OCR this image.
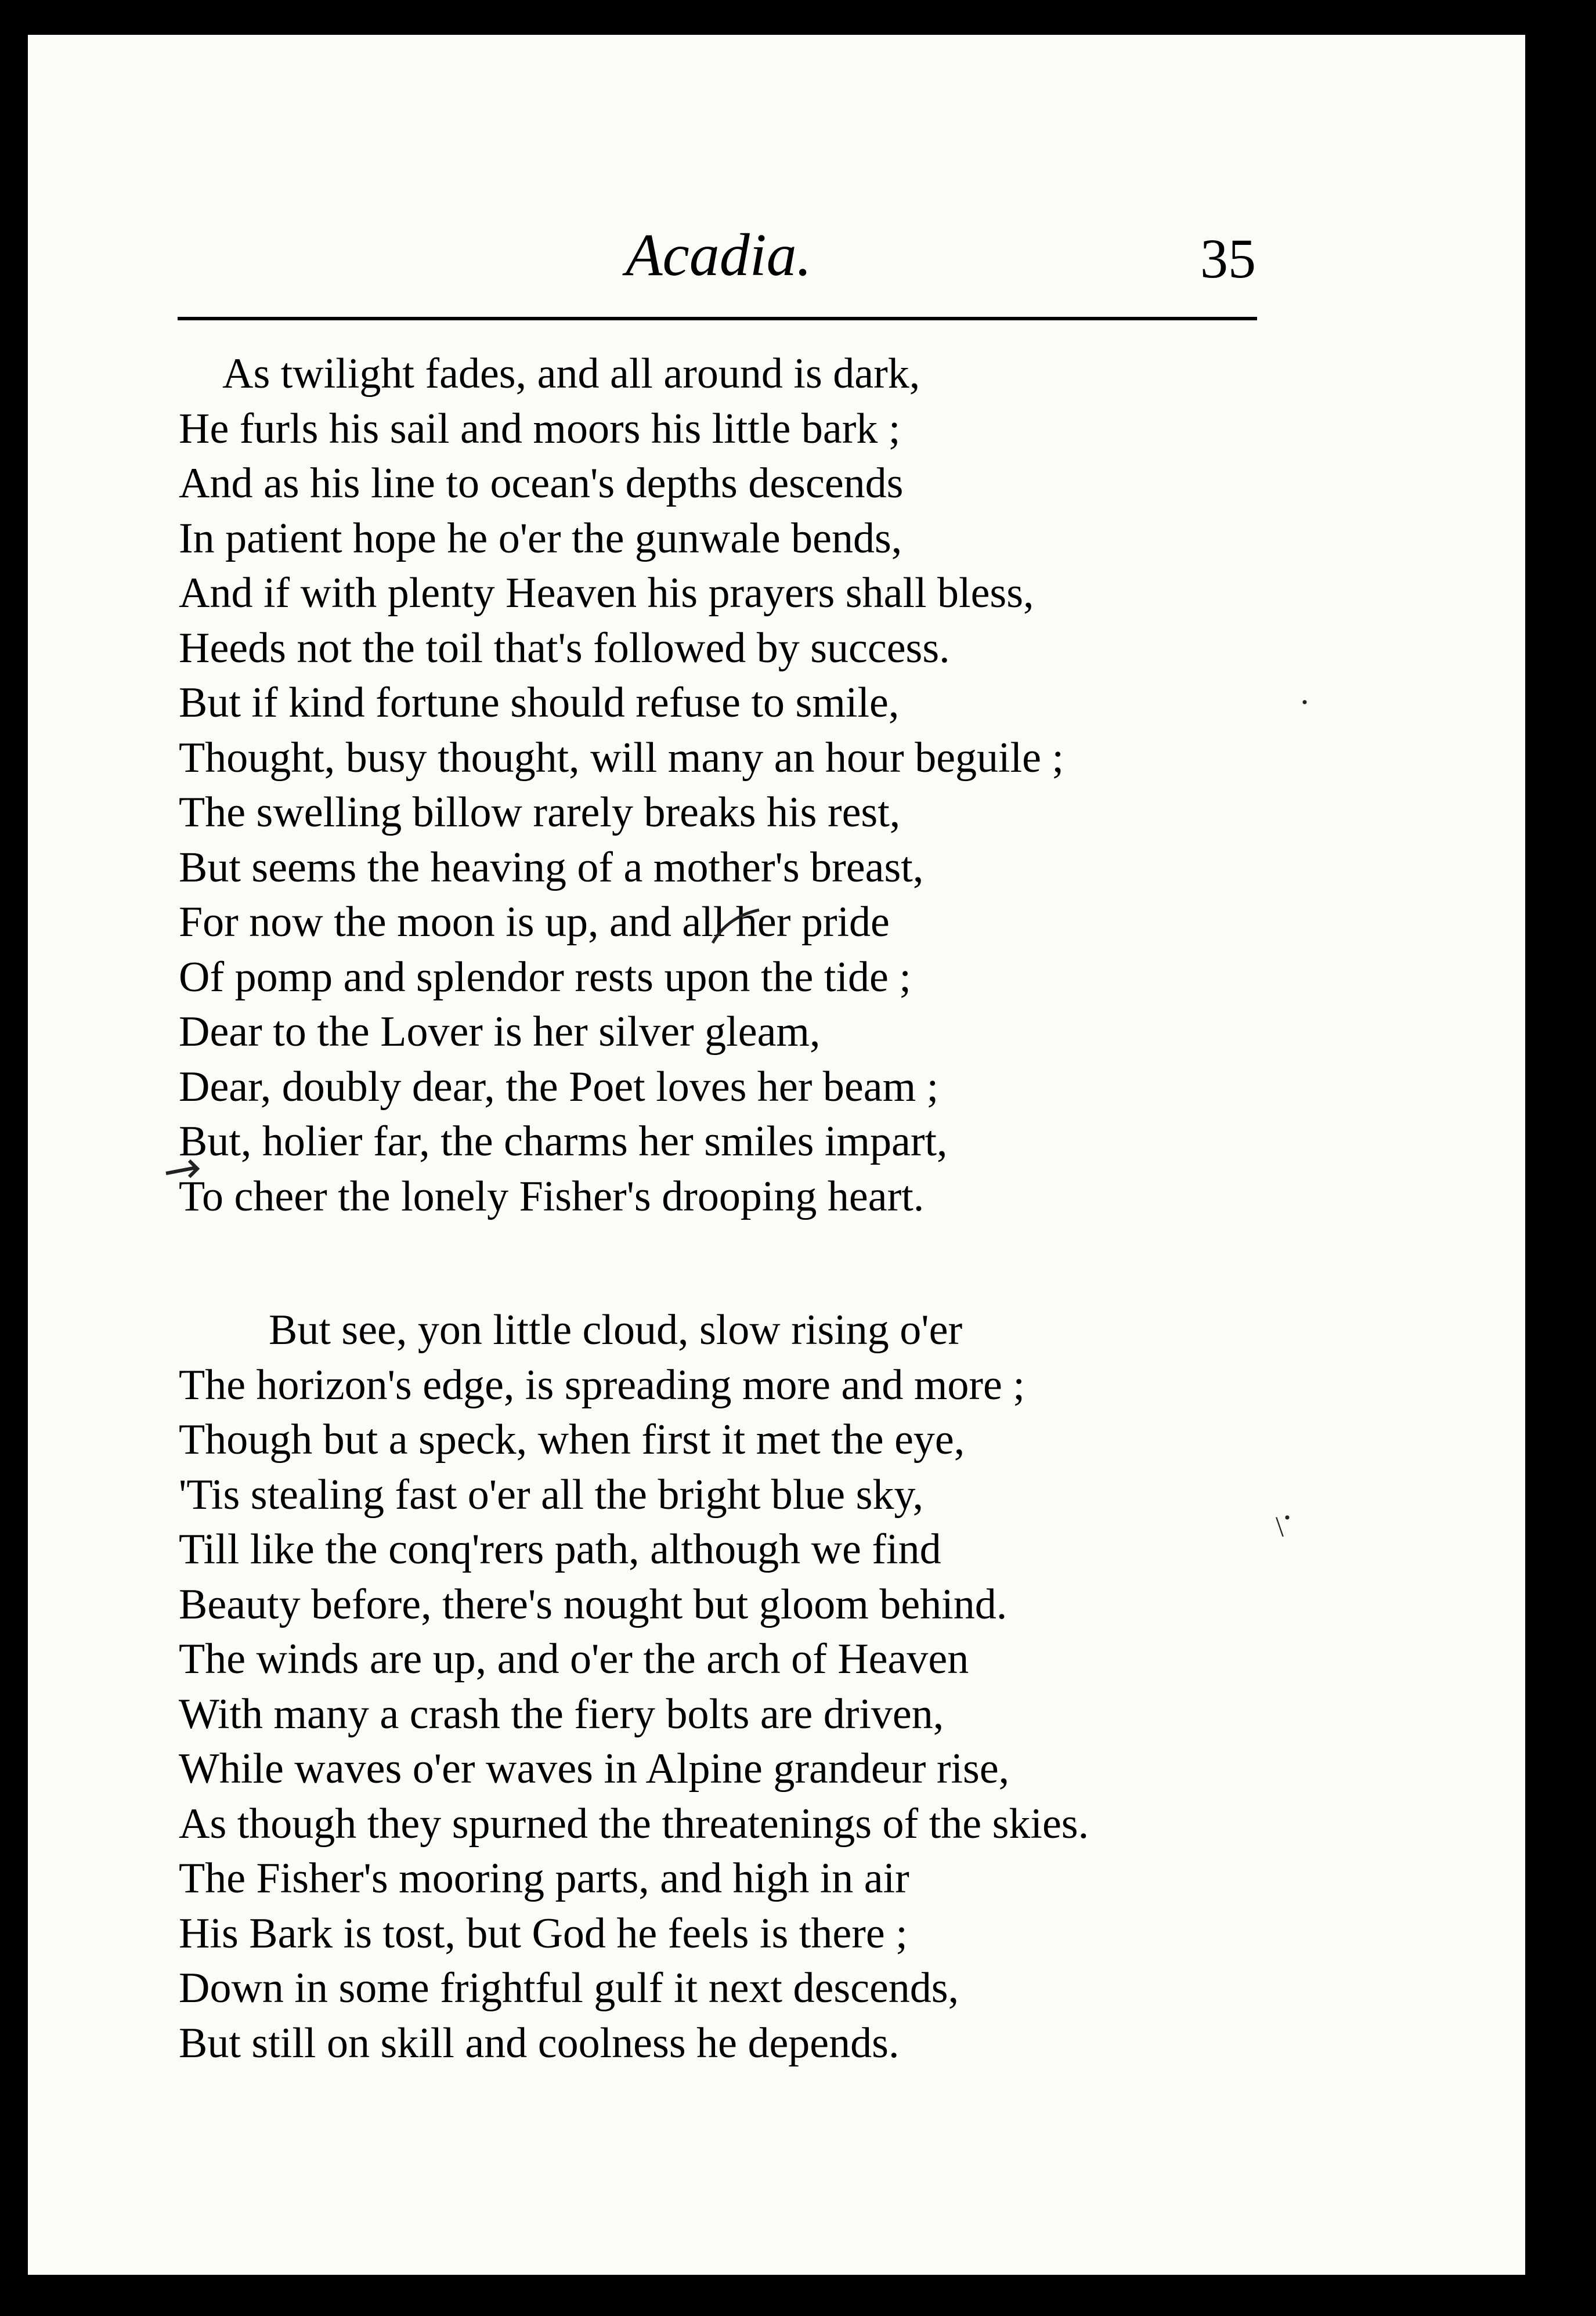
Acadia.	35
As twilight fades, and all around is dark,
He furls his sail and moors his little bark ;
And as his line to ocean's depths descends
In patient hope he o'er the gunwale bends,
And if with plenty Heaven his prayers shall bless,
Heeds not the toil that's followed by success.
But if kind fortune should refuse to smile,
Thought, busy thought, will many an hour beguile ;
The swelling billow rarely breaks his rest,
But seems the heaving of a mother's breast,
For now the moon is up, and all her pride
Of pomp and splendor rests upon the tide ;
Dear to the Lover is her silver gleam,
Dear, doubly dear, the Poet loves her beam ;
But, holier far, the charms her smiles impart,
To cheer the lonely Fisher's drooping heart.
But see, yon little cloud, slow rising o'er
The horizon's edge, is spreading more and more ;
Though but a speck, when first it met the eye,
'Tis stealing fast o'er all the bright blue sky,
Till like the conq'rers path, although we find
Beauty before, there's nought but gloom behind.
The winds are up, and o'er the arch of Heaven
With many a crash the fiery bolts are driven,
While waves o'er waves in Alpine grandeur rise,
As though they spurned the threatenings of the skies.
The Fisher's mooring parts, and high in air
His Bark is tost, but God he feels is there ;
Down in some frightful gulf it next descends,
But still on skill and coolness he depends.
·
·
\
